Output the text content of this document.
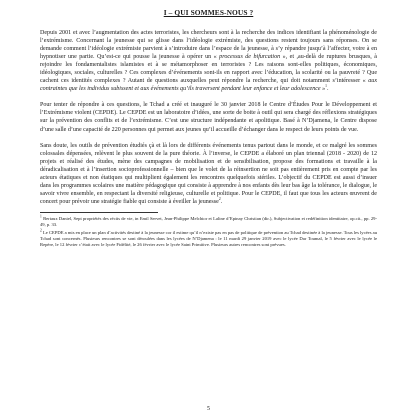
I – QUI SOMMES-NOUS ?

Depuis 2001 et avec l’augmentation des actes terroristes, les chercheurs sont à la recherche des indices identifiant la phénoménologie de l’extrémisme. Concernant la jeunesse qui se glisse dans l’idéologie extrémiste, des questions restent toujours sans réponses. On se demande comment l’idéologie extrémiste parvient à s’introduire dans l’espace de la jeunesse, à s’y répandre jusqu’à l’affecter, voire à en hypnotiser une partie. Qu’est-ce qui pousse la jeunesse à opérer un « processus de bifurcation », et ,au-delà de ruptures brusques, à rejoindre les fondamentalistes islamistes et à se métamorphoser en terroristes ? Les raisons sont-elles politiques, économiques, idéologiques, sociales, culturelles ? Ces complexes d’événements sont-ils en rapport avec l’éducation, la scolarité ou la pauvreté ? Que cachent ces identités complexes ? Autant de questions auxquelles peut répondre la recherche, qui doit notamment s’intéresser « aux contraintes que les individus subissent et aux événements qu’ils traversent pendant leur enfance et leur adolescence »$^1$.

Pour tenter de répondre à ces questions, le Tchad a créé et inauguré le 30 janvier 2018 le Centre d’Études Pour le Développement et l’Extrémisme violent (CEPDE). Le CEPDE est un laboratoire d’idées, une sorte de boite à outil qui sera chargé des réflexions stratégiques sur la prévention des conflits et de l’extrémisme. C’est une structure indépendante et apolitique. Basé à N’Djamena, le Centre dispose d’une salle d’une capacité de 220 personnes qui permet aux jeunes qu’il accueille d’échanger dans le respect de leurs points de vue.

Sans doute, les outils de prévention étudiés çà et là lors de différents événements tenus partout dans le monde, et ce malgré les sommes colossales dépensées, relèvent le plus souvent de la pure théorie. À l’inverse, le CEPDE a élaboré un plan triennal (2018 - 2020) de 12 projets et réalisé des études, mène des campagnes de mobilisation et de sensibilisation, propose des formations et travaille à la déradicalisation et à l’insertion socioprofessionnelle – bien que le volet de la réinsertion ne soit pas entièrement pris en compte par les acteurs étatiques et non étatiques qui multiplient également les rencontres quelquefois stériles. L’objectif du CEPDE est aussi d’insuer dans les programmes scolaires une matière pédagogique qui consiste à apprendre à nos enfants dès leur bas âge la tolérance, le dialogue, le savoir vivre ensemble, en respectant la diversité religieuse, culturelle et politique. Pour le CEPDE, il faut que tous les acteurs œuvrent de concert pour prévoir une stratégie fiable qui consiste à éveiller la jeunesse$^2$.

$^1$ Bertaux Daniel, Sept propriétés des récits de vie, in Emil Servet, Jean-Philippe Melchior et Laline d’Epinay Christian (dir.), Subjectivation et redéfinition identitaire, op.cit., pp. 29-49, p. 33.

$^2$ Le CEPDE a mis en place un plan d’activités destiné à la jeunesse cor il estime qu’il n’existe pas en pas de politique de prévention au Tchad destinée à la jeunesse. Tous les lycées au Tchad sont concernés. Plusieurs rencontres se sont déroulées dans les lycées de N’Djamena : le 11 mardi 29 janvier 2019 avec le lycée Dar Toumal, le 5 février avec le lycée le Repère, le 12 février c’était avec le lycée Fidélité, le 26 février avec le lycée Saint Primitive. Plusieurs autres rencontres sont prévues.

5
